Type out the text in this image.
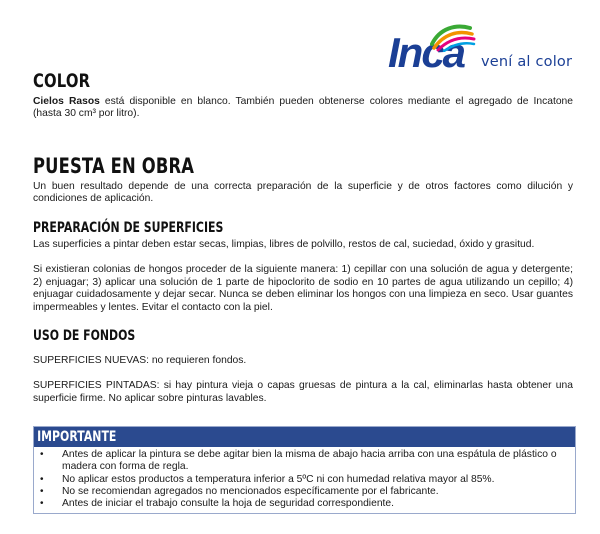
Inca vení al color
COLOR

Cielos Rasos está disponible en blanco. También pueden obtenerse colores mediante el agregado de Incatone (hasta 30 cm³ por litro).

PUESTA EN OBRA

Un buen resultado depende de una correcta preparación de la superficie y de otros factores como dilución y condiciones de aplicación.

PREPARACIÓN DE SUPERFICIES

Las superficies a pintar deben estar secas, limpias, libres de polvillo, restos de cal, suciedad, óxido y grasitud.

Si existieran colonias de hongos proceder de la siguiente manera: 1) cepillar con una solución de agua y detergente; 2) enjuagar; 3) aplicar una solución de 1 parte de hipoclorito de sodio en 10 partes de agua utilizando un cepillo; 4) enjuagar cuidadosamente y dejar secar. Nunca se deben eliminar los hongos con una limpieza en seco. Usar guantes impermeables y lentes. Evitar el contacto con la piel.

USO DE FONDOS

SUPERFICIES NUEVAS: no requieren fondos.

SUPERFICIES PINTADAS: si hay pintura vieja o capas gruesas de pintura a la cal, eliminarlas hasta obtener una superficie firme. No aplicar sobre pinturas lavables.

IMPORTANTE
• Antes de aplicar la pintura se debe agitar bien la misma de abajo hacia arriba con una espátula de plástico o madera con forma de regla.
• No aplicar estos productos a temperatura inferior a 5ºC ni con humedad relativa mayor al 85%.
• No se recomiendan agregados no mencionados específicamente por el fabricante.
• Antes de iniciar el trabajo consulte la hoja de seguridad correspondiente.
